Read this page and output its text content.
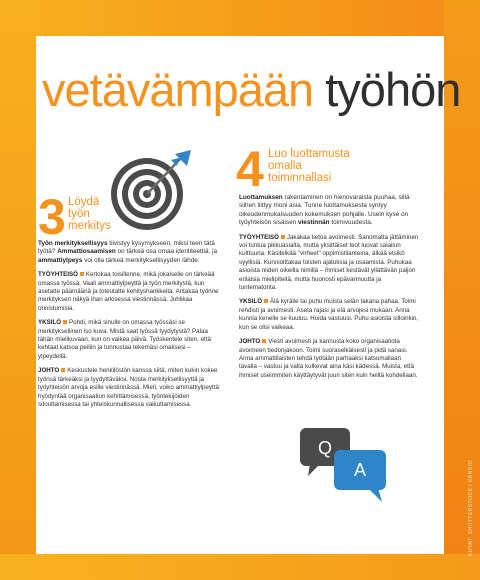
KUVAT: SHUTTERSTOCK / KANSIO
vetävämpään työhön
3 Löydä
työn
merkitys

Työn merkityksellisyys tiivistyy kysymykseen, miksi teen tätä työtä? Ammattiosaamisen on tärkeä osa omaa identiteettiä, ja ammattiylpeys voi olla tärkeä merkityksellisyyden lähde.

TYÖYHTEISÖ Kertokaa toisillenne, mikä jokaiselle on tärkeää omassa työssä. Vaali ammattiylpeyttä ja työn merkitystä, kun asetatte päämääriä ja toteutatte kehityshankkeita. Antakaa työnne merkityksen näkyä ihan arkisessa viestinnässä. Juhlikaa onnistumisia.

YKSILÖ Pohdi, mikä sinulle on omassa työssäsi se merkityksellinen iso kuva. Mistä saat työssä tyydytystä? Palaa tähän mielikuvaan, kun on vaikea päivä. Työskentele siten, että kehtaat katsoa peiliin ja tunnustaa tekemäsi omaksesi – ylpeydellä.

JOHTO Keskustele henkilöstön kanssa siitä, miten kukin kokee työnsä tärkeäksi ja tyydyttäväksi. Nosta merkityksellisyyttä ja työyhteisön arvoja esille viestinnässä. Mieti, voiko ammattiylpeyttä hyödyntää organisaation kehittämisessä, työntekijöiden sitouttamisessa tai yhteiskunnallisessa vaikuttamisessa.

4 Luo luottamusta
omalla
toiminnallasi

Luottamuksen rakentaminen on hienovaraista puuhaa, sillä siihen liittyy moni asia. Tunne luottamuksesta syntyy oikeudenmukaisuuden kokemuksen pohjalle. Usein kysé on työyhteisön sisäisen viestinnän toimivuudesta.

TYÖYHTEISÖ Jakakaa tietoa avoimesti. Sanomatta jättäminen voi tuntua pikkuasialta, mutta yksittäiset teot luovat salailun kulttuuria. Käsitelkää "virheet" oppimistilanteina, älkää etsikö syyllisiä. Kunnioittakaa toisten ajatuksia ja osaamista. Puhukaa asioista niiden oikeilla nimillä – ihmiset kestävät yllättävän paljon erilaisia mielipiteitä, mutta huonosti epävarmuutta ja tuntematonta.

YKSILÖ Älä kyräile tai puhu muista selän takana pahaa. Toimi rehdisti ja avoimesti. Aseta rajasi ja elä arvojesi mukaan. Anna kunnia kenelle se kuuluu. Hoida vastuusi. Puhu asioista silloinkin, kun se olisi vaikeaa.

JOHTO Viesti avoimesti ja kannusta koko organisaatiota avoimeen tiedonjakoon. Toimi suoraselkäisesti ja pidä sanasi. Anna ammattilaisten tehdä työtään parhaaksi katsomallaan tavalla – vastuu ja valta kulkevat aina käsi kädessä. Muista, että ihmiset useimmiten käyttäytyvät juuri siten kuin heiltä kohdellaan.

Q
A
